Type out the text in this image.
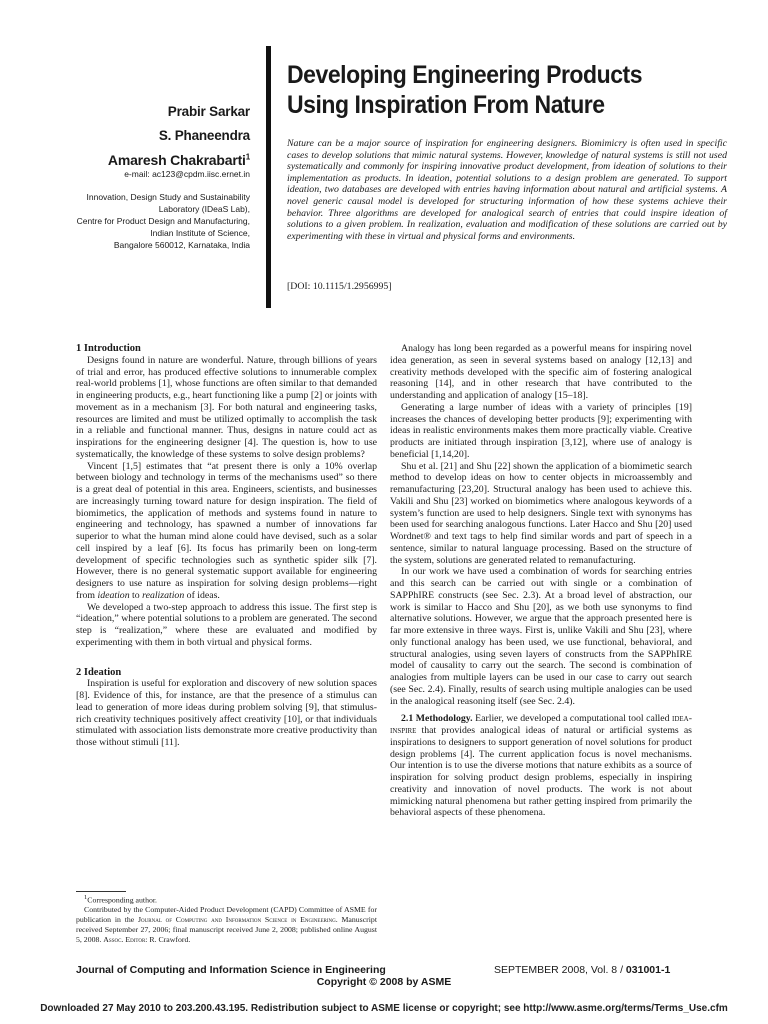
Prabir Sarkar

S. Phaneendra

Amaresh Chakrabarti$^1$

e-mail: ac123@cpdm.iisc.ernet.in

Innovation, Design Study and Sustainability

Laboratory (IDeaS Lab),

Centre for Product Design and Manufacturing,

Indian Institute of Science,

Bangalore 560012, Karnataka, India

Developing Engineering Products
Using Inspiration From Nature

Nature can be a major source of inspiration for engineering designers. Biomimicry is often used in specific cases to develop solutions that mimic natural systems. However, knowledge of natural systems is still not used systematically and commonly for inspiring innovative product development, from ideation of solutions to their implementation as products. In ideation, potential solutions to a design problem are generated. To support ideation, two databases are developed with entries having information about natural and artificial systems. A novel generic causal model is developed for structuring information of how these systems achieve their behavior. Three algorithms are developed for analogical search of entries that could inspire ideation of solutions to a given problem. In realization, evaluation and modification of these solutions are carried out by experimenting with these in virtual and physical forms and environments.

[DOI: 10.1115/1.2956995]

1 Introduction

Designs found in nature are wonderful. Nature, through billions of years of trial and error, has produced effective solutions to innumerable complex real-world problems [1], whose functions are often similar to that demanded in engineering products, e.g., heart functioning like a pump [2] or joints with movement as in a mechanism [3]. For both natural and engineering tasks, resources are limited and must be utilized optimally to accomplish the task in a reliable and functional manner. Thus, designs in nature could act as inspirations for the engineering designer [4]. The question is, how to use systematically, the knowledge of these systems to solve design problems?

Vincent [1,5] estimates that “at present there is only a 10% overlap between biology and technology in terms of the mechanisms used” so there is a great deal of potential in this area. Engineers, scientists, and businesses are increasingly turning toward nature for design inspiration. The field of biomimetics, the application of methods and systems found in nature to engineering and technology, has spawned a number of innovations far superior to what the human mind alone could have devised, such as a solar cell inspired by a leaf [6]. Its focus has primarily been on long-term development of specific technologies such as synthetic spider silk [7]. However, there is no general systematic support available for engineering designers to use nature as inspiration for solving design problems—right from ideation to realization of ideas.

We developed a two-step approach to address this issue. The first step is “ideation,” where potential solutions to a problem are generated. The second step is “realization,” where these are evaluated and modified by experimenting with them in both virtual and physical forms.

2 Ideation

Inspiration is useful for exploration and discovery of new solution spaces [8]. Evidence of this, for instance, are that the presence of a stimulus can lead to generation of more ideas during problem solving [9], that stimulus-rich creativity techniques positively affect creativity [10], or that individuals stimulated with association lists demonstrate more creative productivity than those without stimuli [11].

$^1$Corresponding author.

Contributed by the Computer-Aided Product Development (CAPD) Committee of ASME for publication in the Journal of Computing and Information Science in Engineering. Manuscript received September 27, 2006; final manuscript received June 2, 2008; published online August 5, 2008. Assoc. Editor: R. Crawford.

Analogy has long been regarded as a powerful means for inspiring novel idea generation, as seen in several systems based on analogy [12,13] and creativity methods developed with the specific aim of fostering analogical reasoning [14], and in other research that have contributed to the understanding and application of analogy [15–18].

Generating a large number of ideas with a variety of principles [19] increases the chances of developing better products [9]; experimenting with ideas in realistic environments makes them more practically viable. Creative products are initiated through inspiration [3,12], where use of analogy is beneficial [1,14,20].

Shu et al. [21] and Shu [22] shown the application of a biomimetic search method to develop ideas on how to center objects in microassembly and remanufacturing [23,20]. Structural analogy has been used to achieve this. Vakili and Shu [23] worked on biomimetics where analogous keywords of a system’s function are used to help designers. Single text with synonyms has been used for searching analogous functions. Later Hacco and Shu [20] used Wordnet® and text tags to help find similar words and part of speech in a sentence, similar to natural language processing. Based on the structure of the system, solutions are generated related to remanufacturing.

In our work we have used a combination of words for searching entries and this search can be carried out with single or a combination of SAPPhIRE constructs (see Sec. 2.3). At a broad level of abstraction, our work is similar to Hacco and Shu [20], as we both use synonyms to find alternative solutions. However, we argue that the approach presented here is far more extensive in three ways. First is, unlike Vakili and Shu [23], where only functional analogy has been used, we use functional, behavioral, and structural analogies, using seven layers of constructs from the SAPPhIRE model of causality to carry out the search. The second is combination of analogies from multiple layers can be used in our case to carry out search (see Sec. 2.4). Finally, results of search using multiple analogies can be used in the analogical reasoning itself (see Sec. 2.4).

2.1 Methodology. Earlier, we developed a computational tool called idea-inspire that provides analogical ideas of natural or artificial systems as inspirations to designers to support generation of novel solutions for product design problems [4]. The current application focus is novel mechanisms. Our intention is to use the diverse motions that nature exhibits as a source of inspiration for solving product design problems, especially in inspiring creativity and innovation of novel products. The work is not about mimicking natural phenomena but rather getting inspired from primarily the behavioral aspects of these phenomena.

Journal of Computing and Information Science in Engineering	SEPTEMBER 2008, Vol. 8 / 031001-1
Copyright © 2008 by ASME
Downloaded 27 May 2010 to 203.200.43.195. Redistribution subject to ASME license or copyright; see http://www.asme.org/terms/Terms_Use.cfm
